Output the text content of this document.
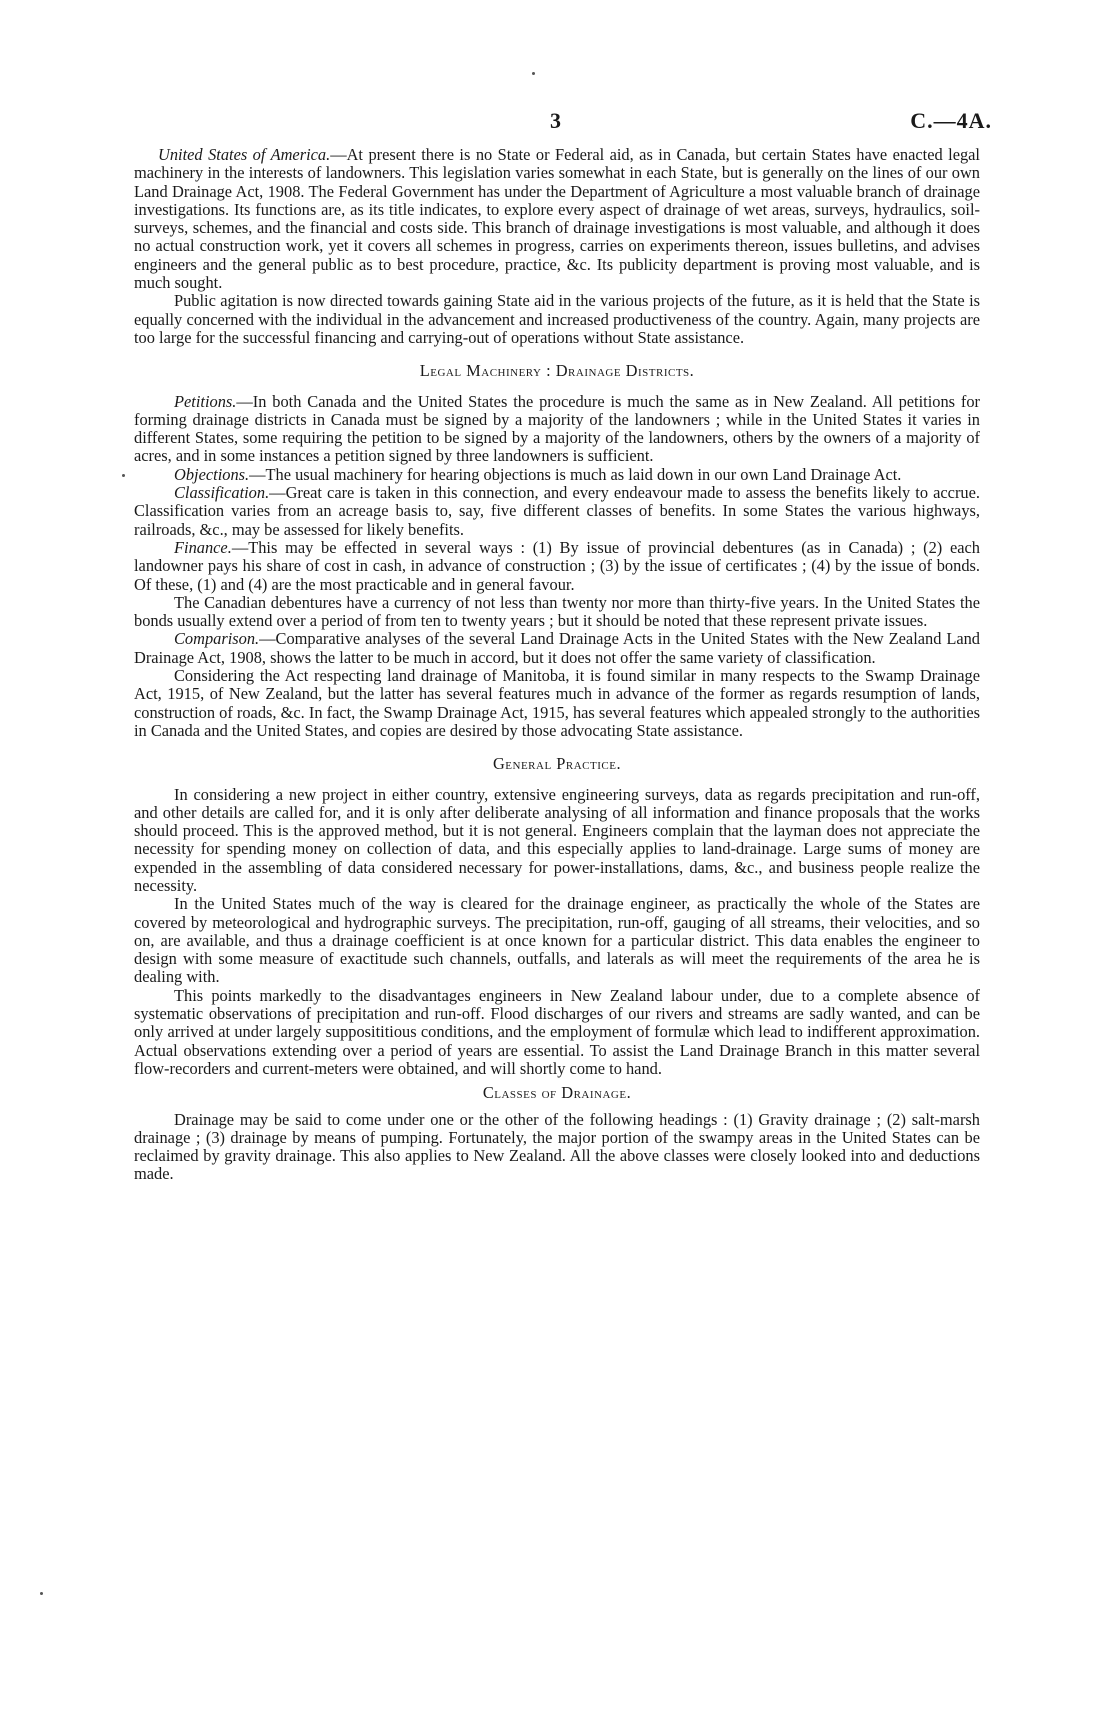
3	C.—4A.

United States of America.—At present there is no State or Federal aid, as in Canada, but certain States have enacted legal machinery in the interests of landowners. This legislation varies somewhat in each State, but is generally on the lines of our own Land Drainage Act, 1908. The Federal Government has under the Department of Agriculture a most valuable branch of drainage investigations. Its functions are, as its title indicates, to explore every aspect of drainage of wet areas, surveys, hydraulics, soil-surveys, schemes, and the financial and costs side. This branch of drainage investigations is most valuable, and although it does no actual construction work, yet it covers all schemes in progress, carries on experiments thereon, issues bulletins, and advises engineers and the general public as to best procedure, practice, &c. Its publicity department is proving most valuable, and is much sought.

Public agitation is now directed towards gaining State aid in the various projects of the future, as it is held that the State is equally concerned with the individual in the advancement and increased productiveness of the country. Again, many projects are too large for the successful financing and carrying-out of operations without State assistance.

Legal Machinery : Drainage Districts.

Petitions.—In both Canada and the United States the procedure is much the same as in New Zealand. All petitions for forming drainage districts in Canada must be signed by a majority of the landowners ; while in the United States it varies in different States, some requiring the petition to be signed by a majority of the landowners, others by the owners of a majority of acres, and in some instances a petition signed by three landowners is sufficient.

Objections.—The usual machinery for hearing objections is much as laid down in our own Land Drainage Act.

Classification.—Great care is taken in this connection, and every endeavour made to assess the benefits likely to accrue. Classification varies from an acreage basis to, say, five different classes of benefits. In some States the various highways, railroads, &c., may be assessed for likely benefits.

Finance.—This may be effected in several ways : (1) By issue of provincial debentures (as in Canada) ; (2) each landowner pays his share of cost in cash, in advance of construction ; (3) by the issue of certificates ; (4) by the issue of bonds. Of these, (1) and (4) are the most practicable and in general favour.

The Canadian debentures have a currency of not less than twenty nor more than thirty-five years. In the United States the bonds usually extend over a period of from ten to twenty years ; but it should be noted that these represent private issues.

Comparison.—Comparative analyses of the several Land Drainage Acts in the United States with the New Zealand Land Drainage Act, 1908, shows the latter to be much in accord, but it does not offer the same variety of classification.

Considering the Act respecting land drainage of Manitoba, it is found similar in many respects to the Swamp Drainage Act, 1915, of New Zealand, but the latter has several features much in advance of the former as regards resumption of lands, construction of roads, &c. In fact, the Swamp Drainage Act, 1915, has several features which appealed strongly to the authorities in Canada and the United States, and copies are desired by those advocating State assistance.

General Practice.

In considering a new project in either country, extensive engineering surveys, data as regards precipitation and run-off, and other details are called for, and it is only after deliberate analysing of all information and finance proposals that the works should proceed. This is the approved method, but it is not general. Engineers complain that the layman does not appreciate the necessity for spending money on collection of data, and this especially applies to land-drainage. Large sums of money are expended in the assembling of data considered necessary for power-installations, dams, &c., and business people realize the necessity.

In the United States much of the way is cleared for the drainage engineer, as practically the whole of the States are covered by meteorological and hydrographic surveys. The precipitation, run-off, gauging of all streams, their velocities, and so on, are available, and thus a drainage coefficient is at once known for a particular district. This data enables the engineer to design with some measure of exactitude such channels, outfalls, and laterals as will meet the requirements of the area he is dealing with.

This points markedly to the disadvantages engineers in New Zealand labour under, due to a complete absence of systematic observations of precipitation and run-off. Flood discharges of our rivers and streams are sadly wanted, and can be only arrived at under largely supposititious conditions, and the employment of formulæ which lead to indifferent approximation. Actual observations extending over a period of years are essential. To assist the Land Drainage Branch in this matter several flow-recorders and current-meters were obtained, and will shortly come to hand.

Classes of Drainage.

Drainage may be said to come under one or the other of the following headings : (1) Gravity drainage ; (2) salt-marsh drainage ; (3) drainage by means of pumping. Fortunately, the major portion of the swampy areas in the United States can be reclaimed by gravity drainage. This also applies to New Zealand. All the above classes were closely looked into and deductions made.
